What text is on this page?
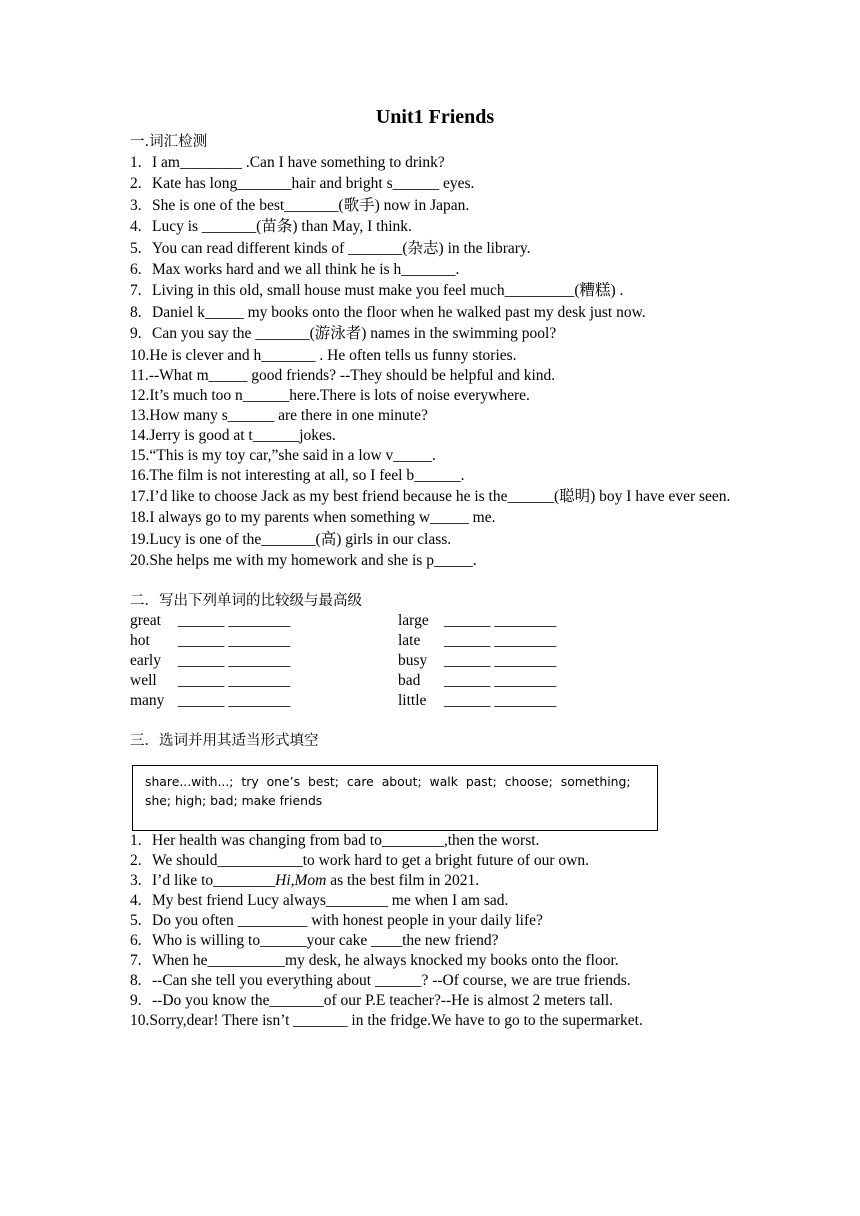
Unit1 Friends

一.词汇检测

1. I am________ .Can I have something to drink?

2. Kate has long_______hair and bright s______ eyes.

3. She is one of the best_______(歌手) now in Japan.

4. Lucy is _______(苗条) than May, I think.

5. You can read different kinds of _______(杂志) in the library.

6. Max works hard and we all think he is h_______.

7. Living in this old, small house must make you feel much_________(糟糕) .

8. Daniel k_____ my books onto the floor when he walked past my desk just now.

9. Can you say the _______(游泳者) names in the swimming pool?

10.He is clever and h_______ . He often tells us funny stories.

11.--What m_____ good friends? --They should be helpful and kind.

12.It’s much too n______here.There is lots of noise everywhere.

13.How many s______ are there in one minute?

14.Jerry is good at t______jokes.

15.“This is my toy car,”she said in a low v_____.

16.The film is not interesting at all, so I feel b______.

17.I’d like to choose Jack as my best friend because he is the______(聪明) boy I have ever seen.

18.I always go to my parents when something w_____ me.

19.Lucy is one of the_______(高) girls in our class.

20.She helps me with my homework and she is p_____.

二．写出下列单词的比较级与最高级

great ______ ________	large ______ ________
hot ______ ________	late ______ ________
early ______ ________	busy ______ ________
well ______ ________	bad ______ ________
many ______ ________	little ______ ________

三．选词并用其适当形式填空

share...with...; try one’s best; care about; walk past; choose; something;
she; high; bad; make friends

1. Her health was changing from bad to________,then the worst.

2. We should___________to work hard to get a bright future of our own.

3. I’d like to________Hi,Mom as the best film in 2021.

4. My best friend Lucy always________ me when I am sad.

5. Do you often _________ with honest people in your daily life?

6. Who is willing to______your cake ____the new friend?

7. When he__________my desk, he always knocked my books onto the floor.

8. --Can she tell you everything about ______? --Of course, we are true friends.

9. --Do you know the_______of our P.E teacher?--He is almost 2 meters tall.

10.Sorry,dear! There isn’t _______ in the fridge.We have to go to the supermarket.
